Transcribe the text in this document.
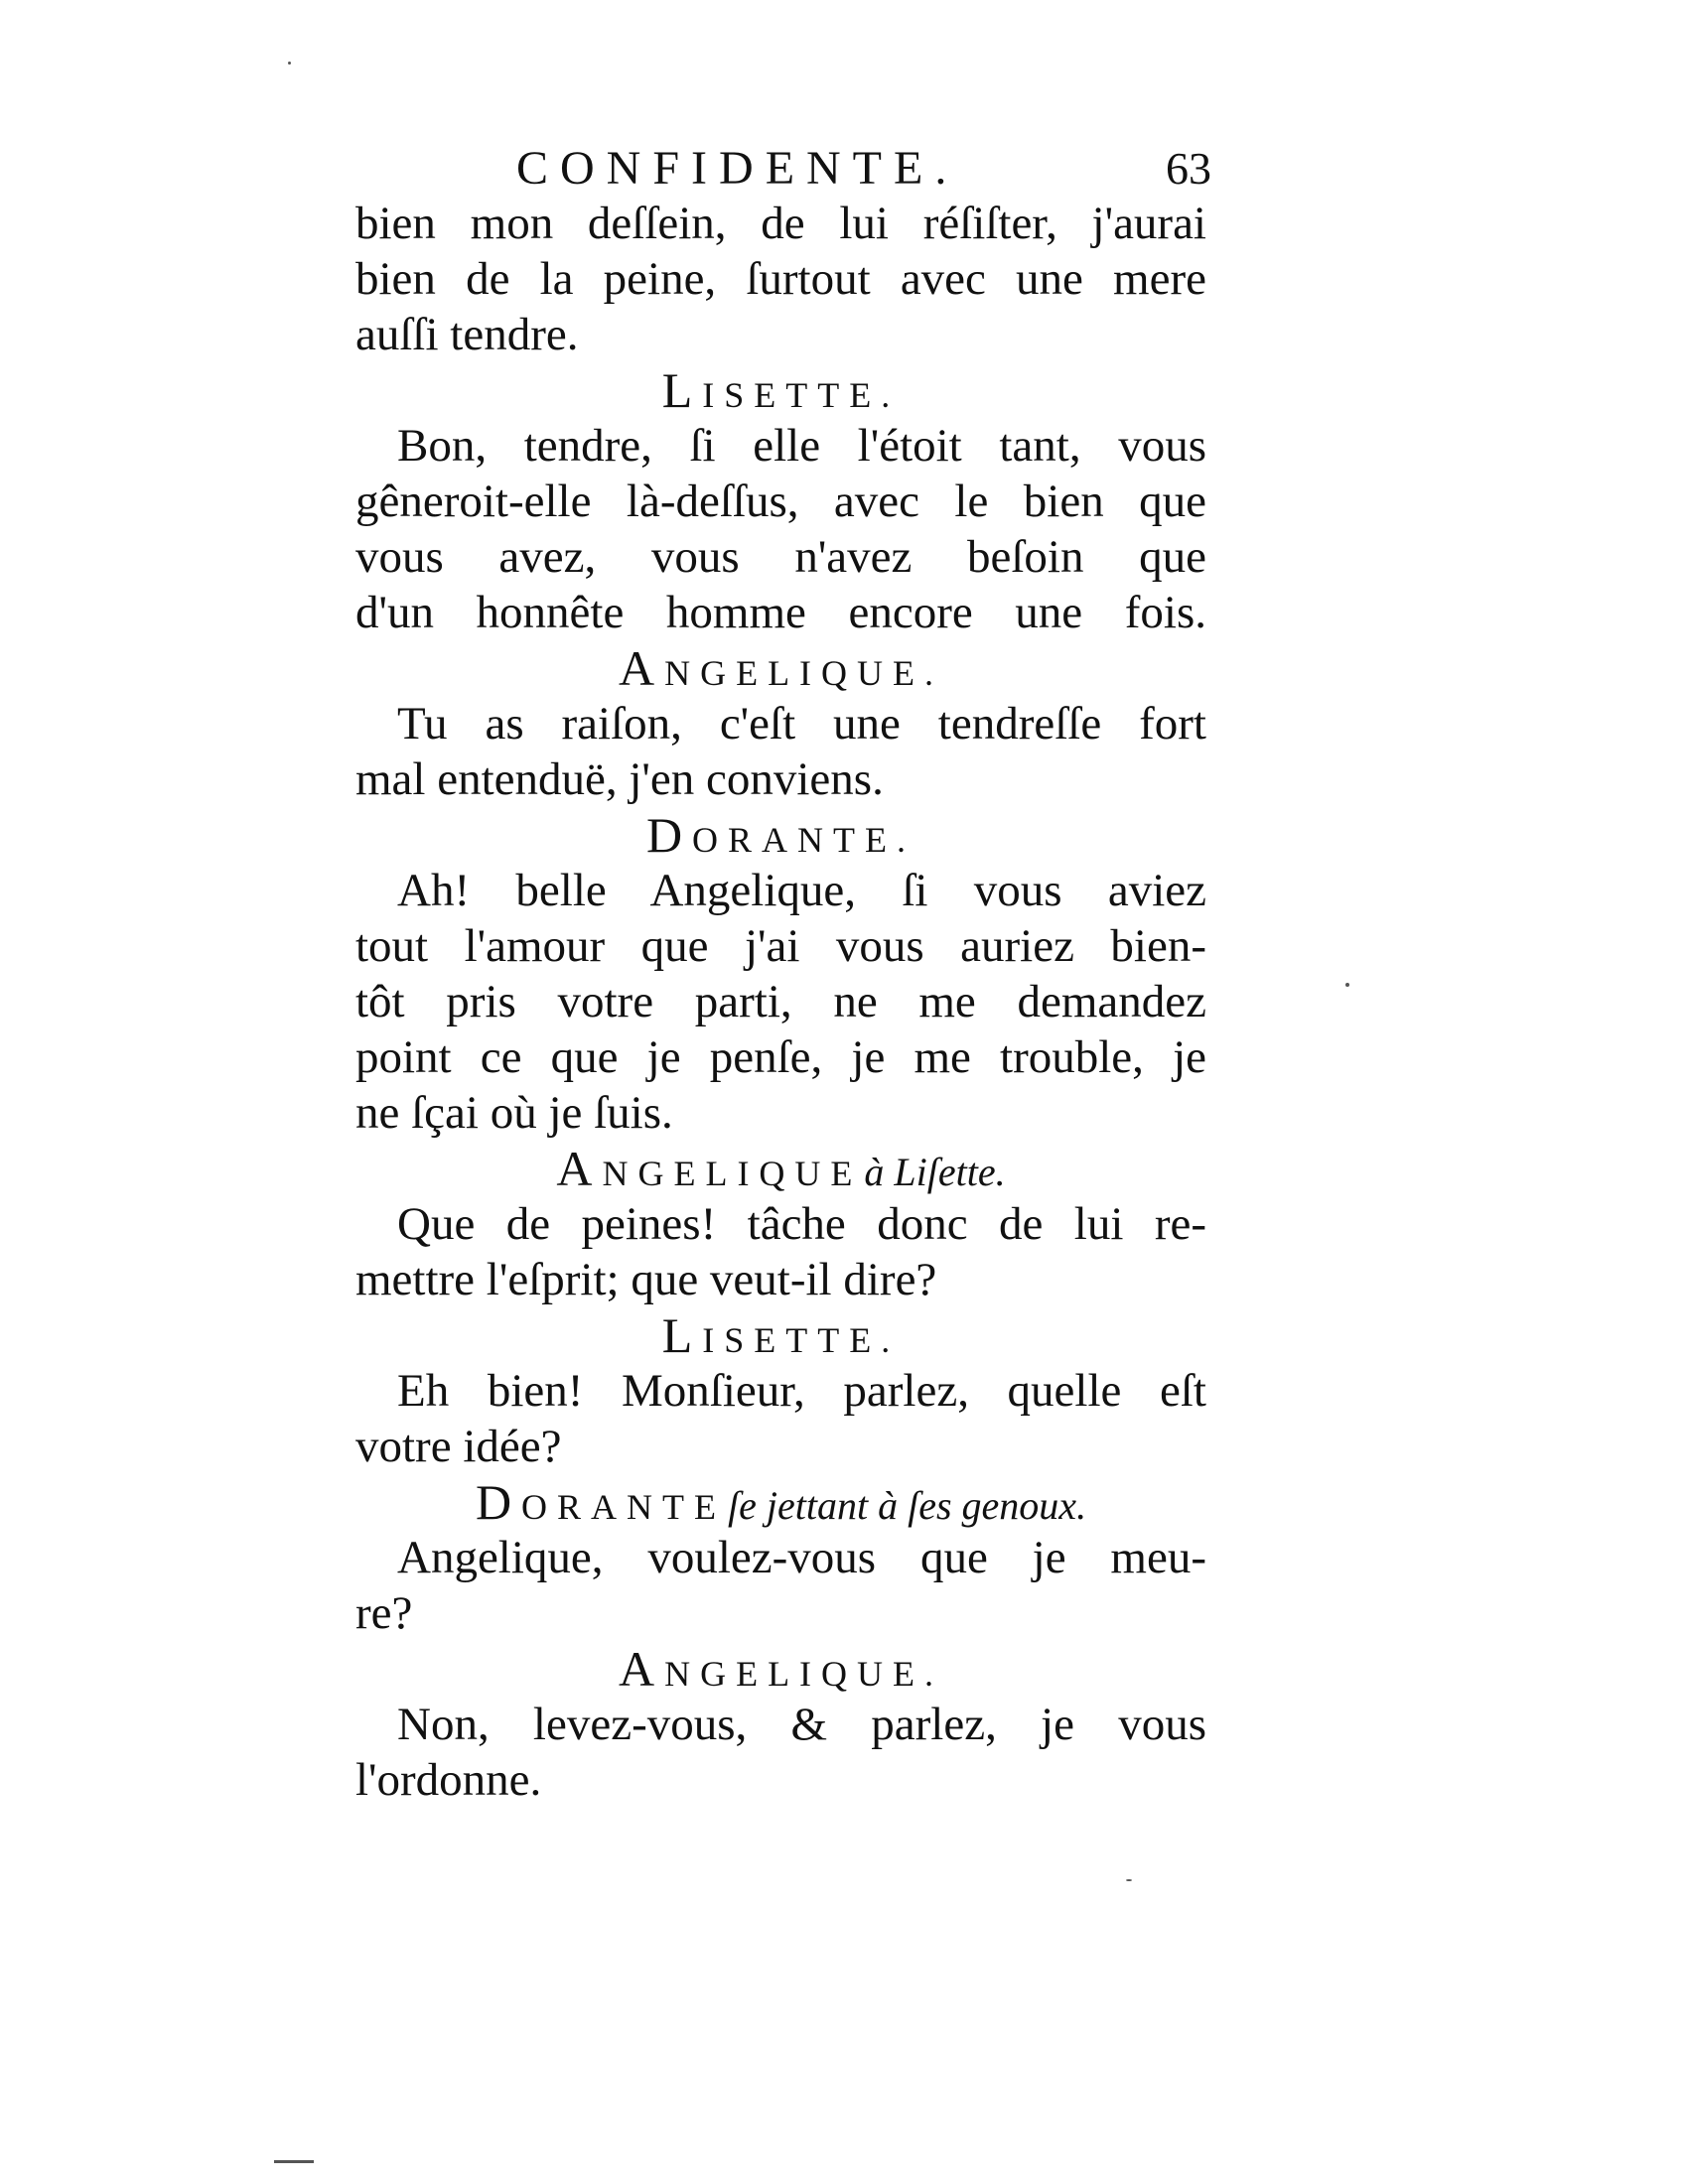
CONFIDENTE.	63
bien mon deſſein, de lui réſiſter, j'aurai
bien de la peine, ſurtout avec une mere
auſſi tendre.
LISETTE.
Bon, tendre, ſi elle l'étoit tant, vous
gêneroit-elle là-deſſus, avec le bien que
vous avez, vous n'avez beſoin que
d'un honnête homme encore une fois.
ANGELIQUE.
Tu as raiſon, c'eſt une tendreſſe fort
mal entenduë, j'en conviens.
DORANTE.
Ah! belle Angelique, ſi vous aviez
tout l'amour que j'ai vous auriez bien-
tôt pris votre parti, ne me demandez
point ce que je penſe, je me trouble, je
ne ſçai où je ſuis.
ANGELIQUEà Liſette.
Que de peines! tâche donc de lui re-
mettre l'eſprit; que veut-il dire?
LISETTE.
Eh bien! Monſieur, parlez, quelle eſt
votre idée?
DORANTEſe jettant à ſes genoux.
Angelique, voulez-vous que je meu-
re?
ANGELIQUE.
Non, levez-vous, & parlez, je vous
l'ordonne.
